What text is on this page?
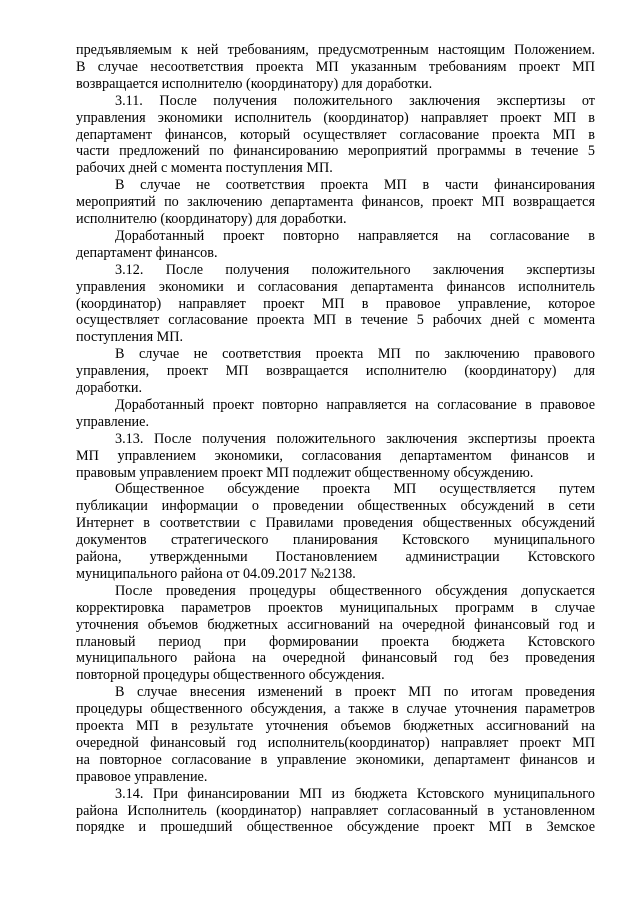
предъявляемым к ней требованиям, предусмотренным настоящим Положением.
В случае несоответствия проекта МП указанным требованиям проект МП
возвращается исполнителю (координатору) для доработки.
3.11. После получения положительного заключения экспертизы от
управления экономики исполнитель (координатор) направляет проект МП в
департамент финансов, который осуществляет согласование проекта МП в
части предложений по финансированию мероприятий программы в течение 5
рабочих дней с момента поступления МП.
В случае не соответствия проекта МП в части финансирования
мероприятий по заключению департамента финансов, проект МП возвращается
исполнителю (координатору) для доработки.
Доработанный проект повторно направляется на согласование в
департамент финансов.
3.12. После получения положительного заключения экспертизы
управления экономики и согласования департамента финансов исполнитель
(координатор) направляет проект МП в правовое управление, которое
осуществляет согласование проекта МП в течение 5 рабочих дней с момента
поступления МП.
В случае не соответствия проекта МП по заключению правового
управления, проект МП возвращается исполнителю (координатору) для
доработки.
Доработанный проект повторно направляется на согласование в правовое
управление.
3.13. После получения положительного заключения экспертизы проекта
МП управлением экономики, согласования департаментом финансов и
правовым управлением проект МП подлежит общественному обсуждению.
Общественное обсуждение проекта МП осуществляется путем
публикации информации о проведении общественных обсуждений в сети
Интернет в соответствии с Правилами проведения общественных обсуждений
документов стратегического планирования Кстовского муниципального
района, утвержденными Постановлением администрации Кстовского
муниципального района от 04.09.2017 №2138.
После проведения процедуры общественного обсуждения допускается
корректировка параметров проектов муниципальных программ в случае
уточнения объемов бюджетных ассигнований на очередной финансовый год и
плановый период при формировании проекта бюджета Кстовского
муниципального района на очередной финансовый год без проведения
повторной процедуры общественного обсуждения.
В случае внесения изменений в проект МП по итогам проведения
процедуры общественного обсуждения, а также в случае уточнения параметров
проекта МП в результате уточнения объемов бюджетных ассигнований на
очередной финансовый год исполнитель(координатор) направляет проект МП
на повторное согласование в управление экономики, департамент финансов и
правовое управление.
3.14. При финансировании МП из бюджета Кстовского муниципального
района Исполнитель (координатор) направляет согласованный в установленном
порядке и прошедший общественное обсуждение проект МП в Земское
